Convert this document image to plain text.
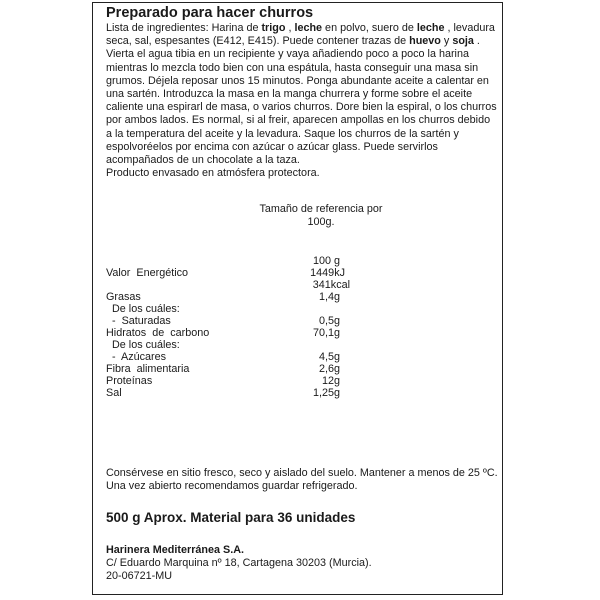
Preparado para hacer churros
Lista de ingredientes: Harina de trigo , leche en polvo, suero de leche , levadura seca, sal, espesantes (E412, E415). Puede contener trazas de huevo y soja .
Vierta el agua tibia en un recipiente y vaya añadiendo poco a poco la harina mientras lo mezcla todo bien con una espátula, hasta conseguir una masa sin grumos. Déjela reposar unos 15 minutos. Ponga abundante aceite a calentar en una sartén. Introduzca la masa en la manga churrera y forme sobre el aceite caliente una espirarl de masa, o varios churros. Dore bien la espiral, o los churros por ambos lados. Es normal, si al freir, aparecen ampollas en los churros debido a la temperatura del aceite y la levadura. Saque los churros de la sartén y espolvoréelos por encima con azúcar o azúcar glass. Puede servirlos acompañados de un chocolate a la taza.
Producto envasado en atmósfera protectora.
Tamaño de referencia por
100g.
100 g
Valor  Energético	1449kJ
341kcal
Grasas	1,4g
De los cuáles:
-  Saturadas	0,5g
Hidratos  de  carbono	70,1g
De los cuáles:
-  Azúcares	4,5g
Fibra  alimentaria	2,6g
Proteínas	12g
Sal	1,25g
Consérvese en sitio fresco, seco y aislado del suelo. Mantener a menos de 25 ºC.
Una vez abierto recomendamos guardar refrigerado.
500 g Aprox. Material para 36 unidades
Harinera Mediterránea S.A.
C/ Eduardo Marquina nº 18, Cartagena 30203 (Murcia).
20-06721-MU
